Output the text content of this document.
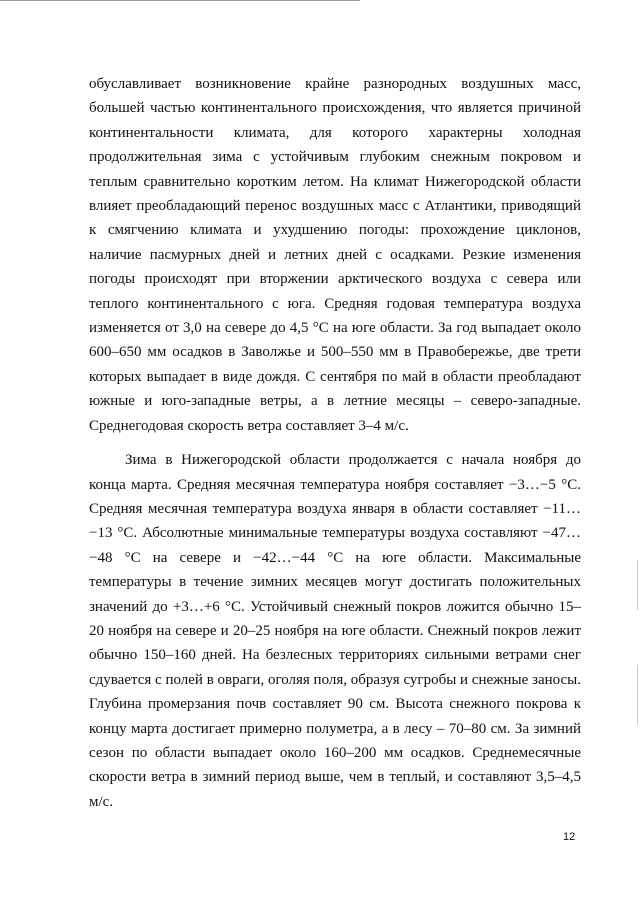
обуславливает возникновение крайне разнородных воздушных масс, большей частью континентального происхождения, что является причиной континентальности климата, для которого характерны холодная продолжительная зима с устойчивым глубоким снежным покровом и теплым сравнительно коротким летом. На климат Нижегородской области влияет преобладающий перенос воздушных масс с Атлантики, приводящий к смягчению климата и ухудшению погоды: прохождение циклонов, наличие пасмурных дней и летних дней с осадками. Резкие изменения погоды происходят при вторжении арктического воздуха с севера или теплого континентального с юга. Средняя годовая температура воздуха изменяется от 3,0 на севере до 4,5 °С на юге области. За год выпадает около 600–650 мм осадков в Заволжье и 500–550 мм в Правобережье, две трети которых выпадает в виде дождя. С сентября по май в области преобладают южные и юго-западные ветры, а в летние месяцы – северо-западные. Среднегодовая скорость ветра составляет 3–4 м/с.

Зима в Нижегородской области продолжается с начала ноября до конца марта. Средняя месячная температура ноября составляет −3…−5 °С. Средняя месячная температура воздуха января в области составляет −11…−13 °С. Абсолютные минимальные температуры воздуха составляют −47…−48 °С на севере и −42…−44 °С на юге области. Максимальные температуры в течение зимних месяцев могут достигать положительных значений до +3…+6 °С. Устойчивый снежный покров ложится обычно 15–20 ноября на севере и 20–25 ноября на юге области. Снежный покров лежит обычно 150–160 дней. На безлесных территориях сильными ветрами снег сдувается с полей в овраги, оголяя поля, образуя сугробы и снежные заносы. Глубина промерзания почв составляет 90 см. Высота снежного покрова к концу марта достигает примерно полуметра, а в лесу – 70–80 см. За зимний сезон по области выпадает около 160–200 мм осадков. Среднемесячные скорости ветра в зимний период выше, чем в теплый, и составляют 3,5–4,5 м/с.

12
